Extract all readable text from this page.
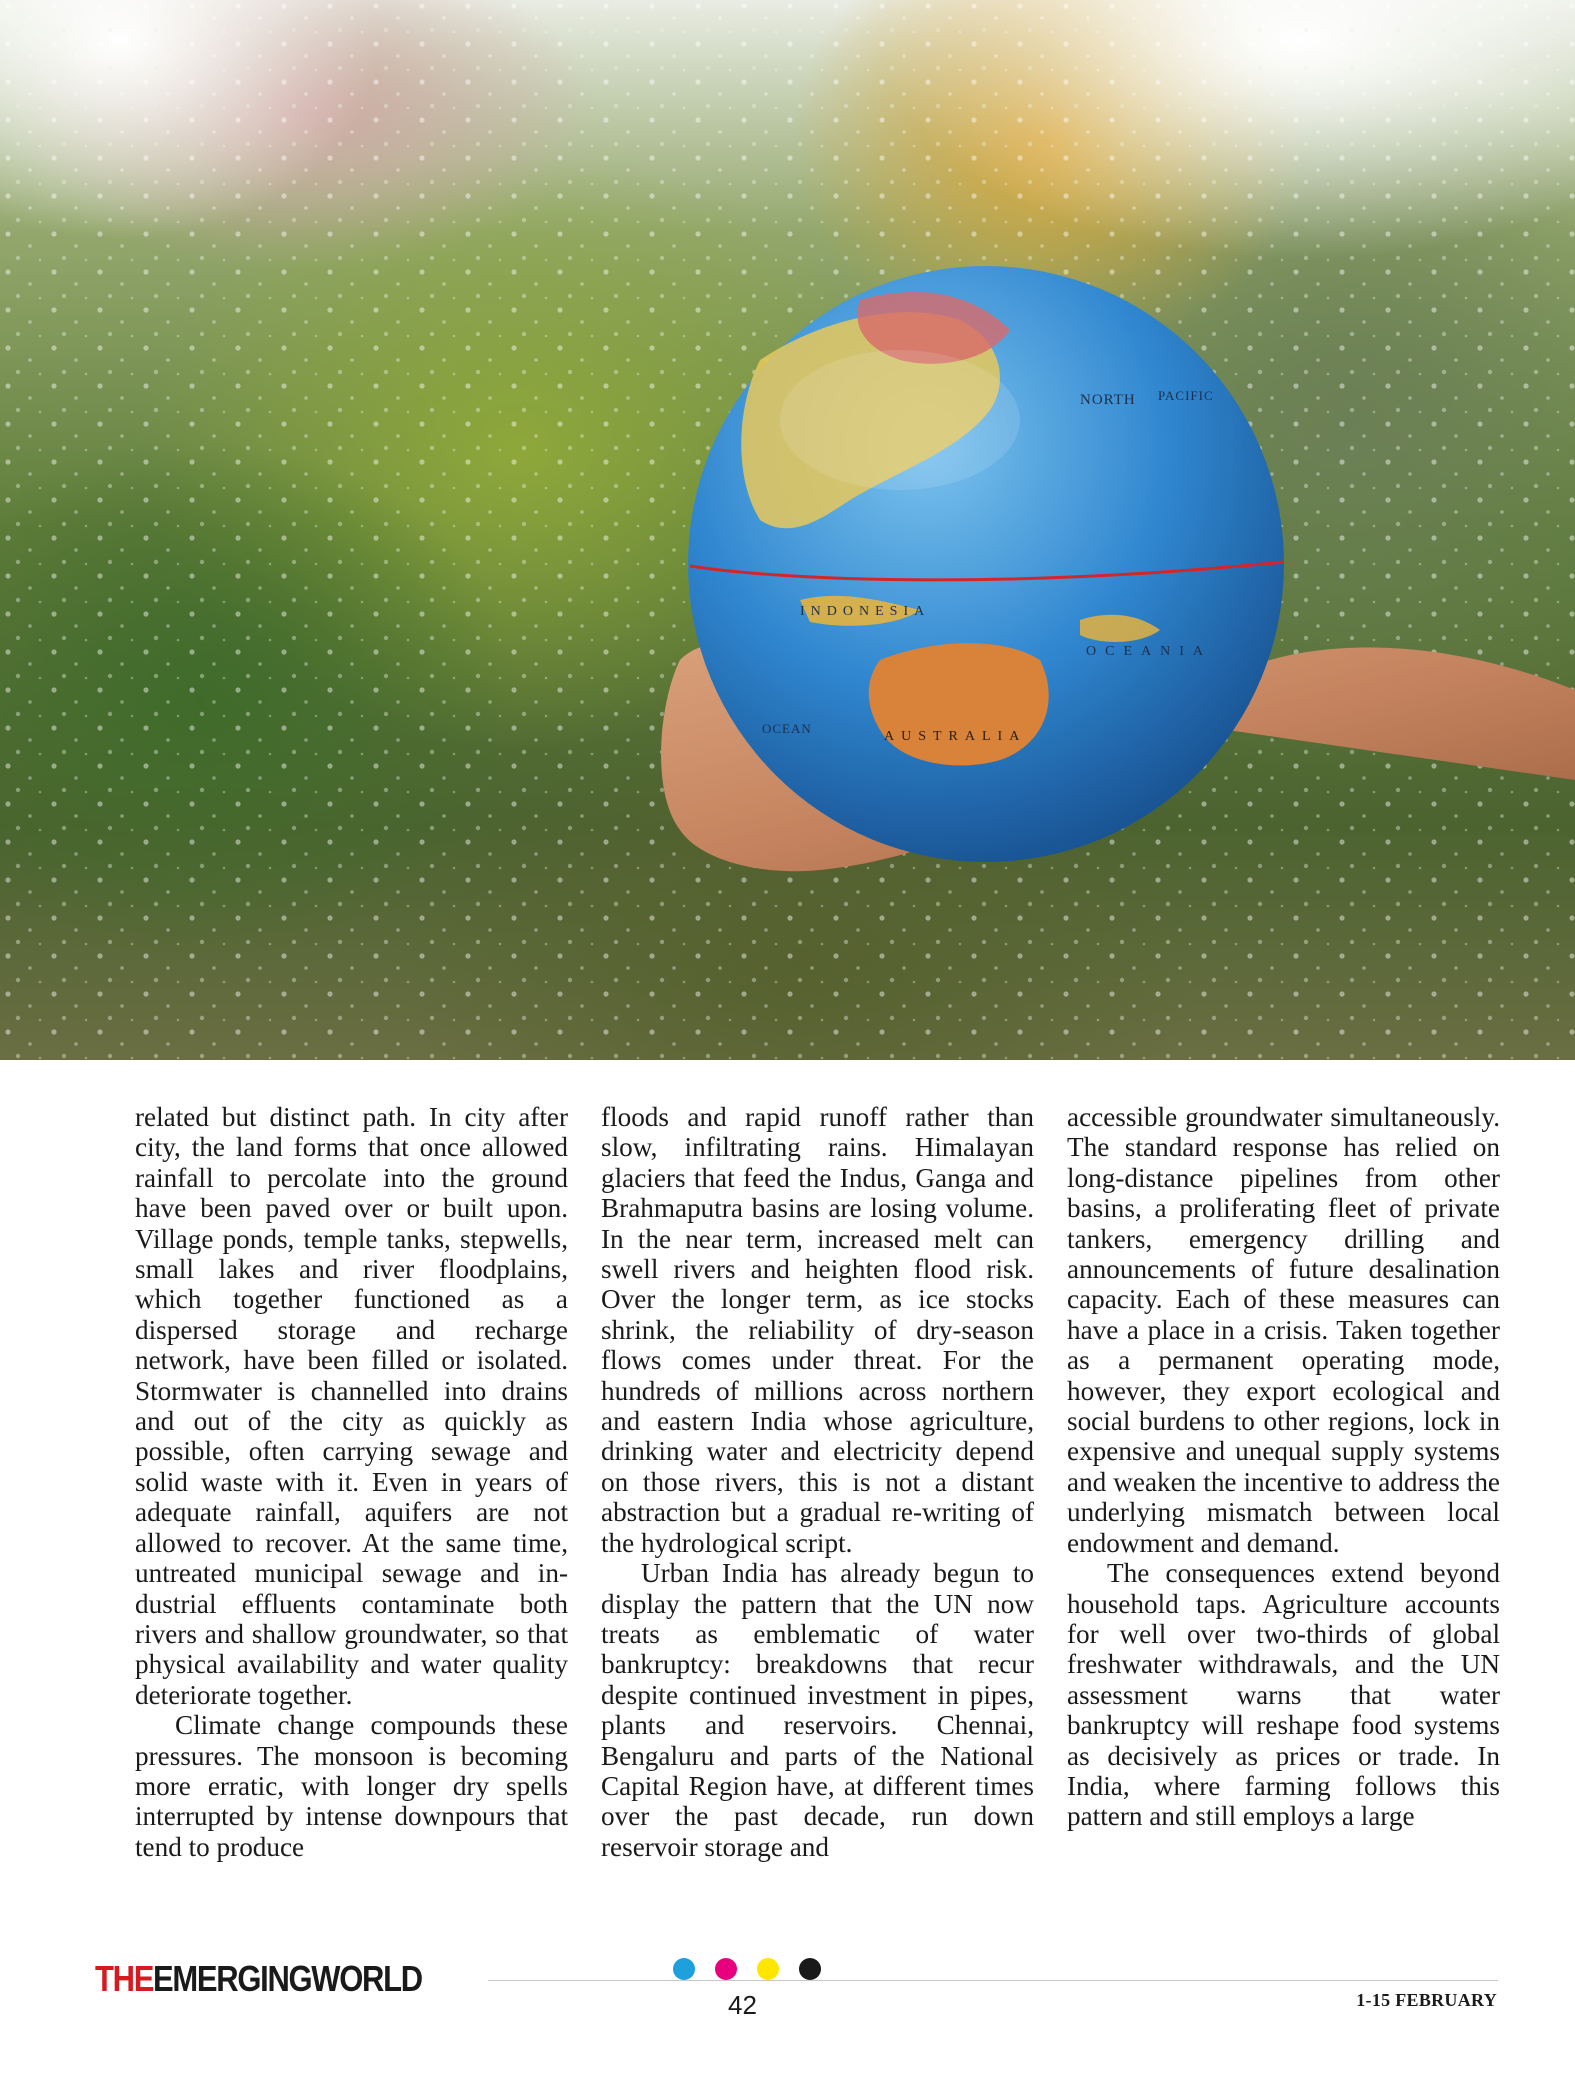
NORTH PACIFIC
INDONESIA
OCEANIA
AUSTRALIA
OCEAN

related but distinct path. In city after city, the land forms that once allowed rainfall to percolate into the ground have been paved over or built upon. Village ponds, temple tanks, stepwells, small lakes and river floodplains, which together functioned as a dispersed storage and recharge network, have been filled or isolated. Stormwater is channelled into drains and out of the city as quickly as possible, often carrying sewage and solid waste with it. Even in years of adequate rainfall, aquifers are not allowed to recover. At the same time, untreated municipal sewage and industrial effluents contaminate both rivers and shallow groundwater, so that physical availability and water quality deteriorate together.

Climate change compounds these pressures. The monsoon is becoming more erratic, with longer dry spells interrupted by intense downpours that tend to produce

floods and rapid runoff rather than slow, infiltrating rains. Himalayan glaciers that feed the Indus, Ganga and Brahmaputra basins are losing volume. In the near term, increased melt can swell rivers and heighten flood risk. Over the longer term, as ice stocks shrink, the reliability of dry-season flows comes under threat. For the hundreds of millions across northern and eastern India whose agriculture, drinking water and electricity depend on those rivers, this is not a distant abstraction but a gradual re-writing of the hydrological script.

Urban India has already begun to display the pattern that the UN now treats as emblematic of water bankruptcy: breakdowns that recur despite continued investment in pipes, plants and reservoirs. Chennai, Bengaluru and parts of the National Capital Region have, at different times over the past decade, run down reservoir storage and

accessible groundwater simultaneously. The standard response has relied on long-distance pipelines from other basins, a proliferating fleet of private tankers, emergency drilling and announcements of future desalination capacity. Each of these measures can have a place in a crisis. Taken together as a permanent operating mode, however, they export ecological and social burdens to other regions, lock in expensive and unequal supply systems and weaken the incentive to address the underlying mismatch between local endowment and demand.

The consequences extend beyond household taps. Agriculture accounts for well over two-thirds of global freshwater withdrawals, and the UN assessment warns that water bankruptcy will reshape food systems as decisively as prices or trade. In India, where farming follows this pattern and still employs a large

THEEMERGINGWORLD
42	1-15 FEBRUARY
